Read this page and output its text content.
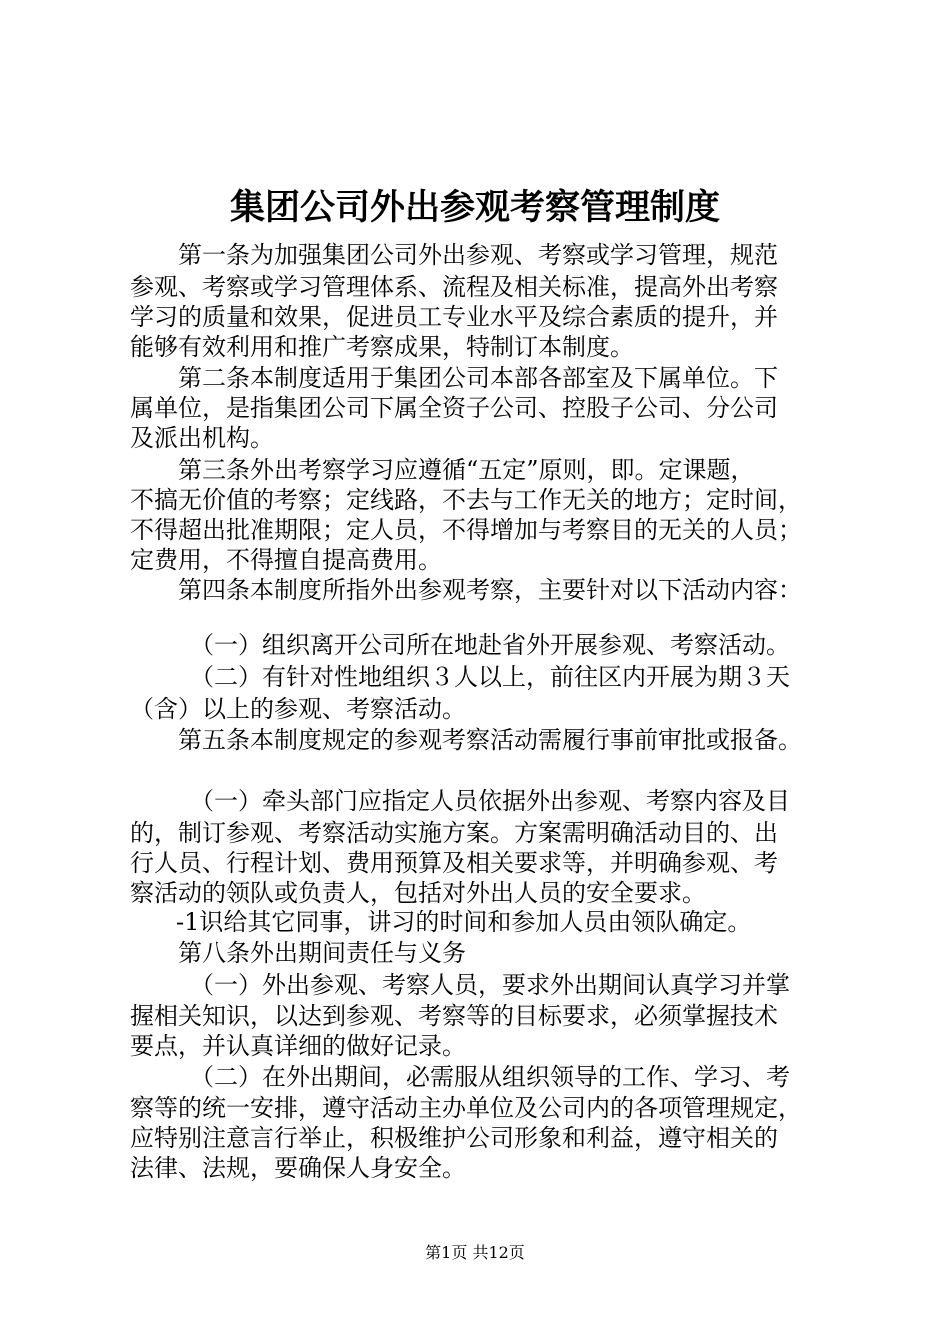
集团公司外出参观考察管理制度
第一条为加强集团公司外出参观、考察或学习管理，规范
参观、考察或学习管理体系、流程及相关标准，提高外出考察
学习的质量和效果，促进员工专业水平及综合素质的提升，并
能够有效利用和推广考察成果，特制订本制度。
第二条本制度适用于集团公司本部各部室及下属单位。下
属单位，是指集团公司下属全资子公司、控股子公司、分公司
及派出机构。
第三条外出考察学习应遵循“五定”原则，即。定课题，
不搞无价值的考察；定线路，不去与工作无关的地方；定时间，
不得超出批准期限；定人员，不得增加与考察目的无关的人员；
定费用，不得擅自提高费用。
第四条本制度所指外出参观考察，主要针对以下活动内容：
（一）组织离开公司所在地赴省外开展参观、考察活动。
（二）有针对性地组织３人以上，前往区内开展为期３天
（含）以上的参观、考察活动。
第五条本制度规定的参观考察活动需履行事前审批或报备。
（一）牵头部门应指定人员依据外出参观、考察内容及目
的，制订参观、考察活动实施方案。方案需明确活动目的、出
行人员、行程计划、费用预算及相关要求等，并明确参观、考
察活动的领队或负责人，包括对外出人员的安全要求。
-1识给其它同事，讲习的时间和参加人员由领队确定。
第八条外出期间责任与义务
（一）外出参观、考察人员，要求外出期间认真学习并掌
握相关知识，以达到参观、考察等的目标要求，必须掌握技术
要点，并认真详细的做好记录。
（二）在外出期间，必需服从组织领导的工作、学习、考
察等的统一安排，遵守活动主办单位及公司内的各项管理规定，
应特别注意言行举止，积极维护公司形象和利益，遵守相关的
法律、法规，要确保人身安全。
第1页 共12页
